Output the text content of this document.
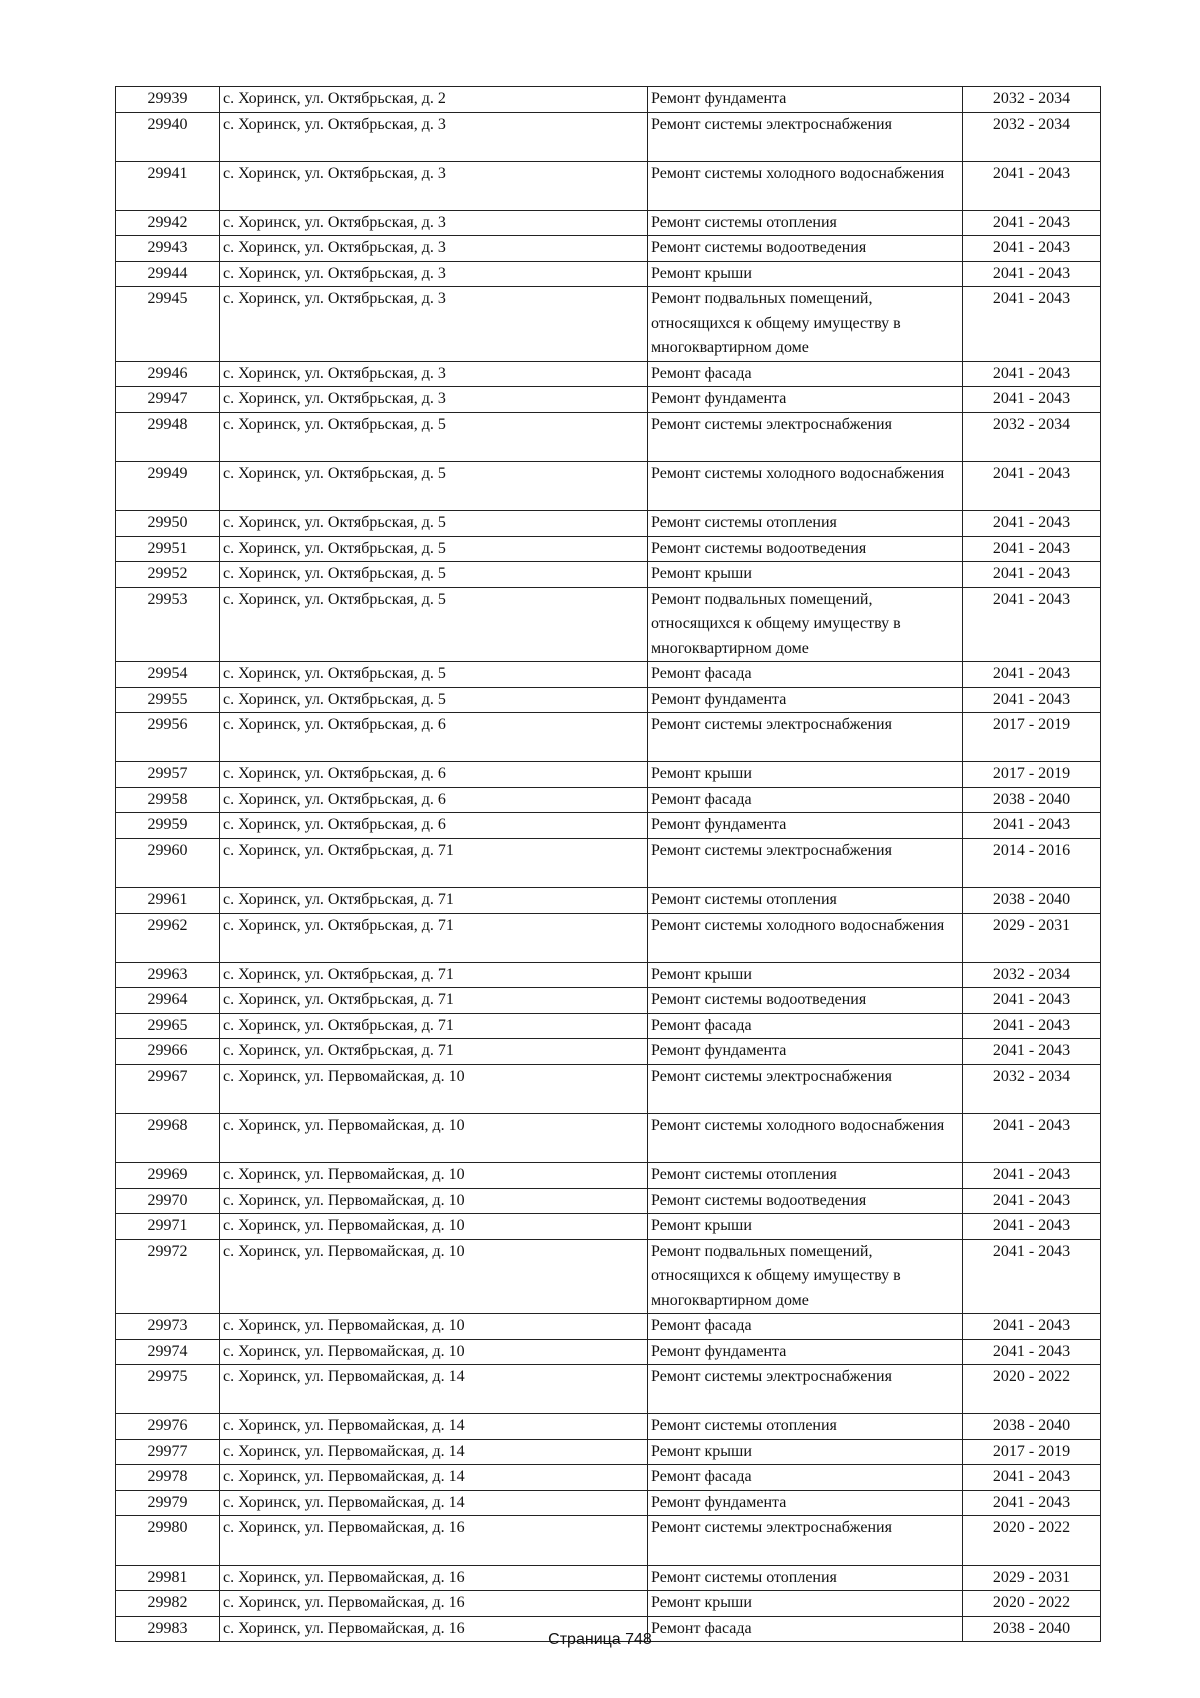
29939	с. Хоринск, ул. Октябрьская, д. 2	Ремонт фундамента	2032 - 2034
29940	с. Хоринск, ул. Октябрьская, д. 3	Ремонт системы электроснабжения	2032 - 2034
29941	с. Хоринск, ул. Октябрьская, д. 3	Ремонт системы холодного водоснабжения	2041 - 2043
29942	с. Хоринск, ул. Октябрьская, д. 3	Ремонт системы отопления	2041 - 2043
29943	с. Хоринск, ул. Октябрьская, д. 3	Ремонт системы водоотведения	2041 - 2043
29944	с. Хоринск, ул. Октябрьская, д. 3	Ремонт крыши	2041 - 2043
29945	с. Хоринск, ул. Октябрьская, д. 3	Ремонт подвальных помещений, относящихся к общему имуществу в многоквартирном доме	2041 - 2043
29946	с. Хоринск, ул. Октябрьская, д. 3	Ремонт фасада	2041 - 2043
29947	с. Хоринск, ул. Октябрьская, д. 3	Ремонт фундамента	2041 - 2043
29948	с. Хоринск, ул. Октябрьская, д. 5	Ремонт системы электроснабжения	2032 - 2034
29949	с. Хоринск, ул. Октябрьская, д. 5	Ремонт системы холодного водоснабжения	2041 - 2043
29950	с. Хоринск, ул. Октябрьская, д. 5	Ремонт системы отопления	2041 - 2043
29951	с. Хоринск, ул. Октябрьская, д. 5	Ремонт системы водоотведения	2041 - 2043
29952	с. Хоринск, ул. Октябрьская, д. 5	Ремонт крыши	2041 - 2043
29953	с. Хоринск, ул. Октябрьская, д. 5	Ремонт подвальных помещений, относящихся к общему имуществу в многоквартирном доме	2041 - 2043
29954	с. Хоринск, ул. Октябрьская, д. 5	Ремонт фасада	2041 - 2043
29955	с. Хоринск, ул. Октябрьская, д. 5	Ремонт фундамента	2041 - 2043
29956	с. Хоринск, ул. Октябрьская, д. 6	Ремонт системы электроснабжения	2017 - 2019
29957	с. Хоринск, ул. Октябрьская, д. 6	Ремонт крыши	2017 - 2019
29958	с. Хоринск, ул. Октябрьская, д. 6	Ремонт фасада	2038 - 2040
29959	с. Хоринск, ул. Октябрьская, д. 6	Ремонт фундамента	2041 - 2043
29960	с. Хоринск, ул. Октябрьская, д. 71	Ремонт системы электроснабжения	2014 - 2016
29961	с. Хоринск, ул. Октябрьская, д. 71	Ремонт системы отопления	2038 - 2040
29962	с. Хоринск, ул. Октябрьская, д. 71	Ремонт системы холодного водоснабжения	2029 - 2031
29963	с. Хоринск, ул. Октябрьская, д. 71	Ремонт крыши	2032 - 2034
29964	с. Хоринск, ул. Октябрьская, д. 71	Ремонт системы водоотведения	2041 - 2043
29965	с. Хоринск, ул. Октябрьская, д. 71	Ремонт фасада	2041 - 2043
29966	с. Хоринск, ул. Октябрьская, д. 71	Ремонт фундамента	2041 - 2043
29967	с. Хоринск, ул. Первомайская, д. 10	Ремонт системы электроснабжения	2032 - 2034
29968	с. Хоринск, ул. Первомайская, д. 10	Ремонт системы холодного водоснабжения	2041 - 2043
29969	с. Хоринск, ул. Первомайская, д. 10	Ремонт системы отопления	2041 - 2043
29970	с. Хоринск, ул. Первомайская, д. 10	Ремонт системы водоотведения	2041 - 2043
29971	с. Хоринск, ул. Первомайская, д. 10	Ремонт крыши	2041 - 2043
29972	с. Хоринск, ул. Первомайская, д. 10	Ремонт подвальных помещений, относящихся к общему имуществу в многоквартирном доме	2041 - 2043
29973	с. Хоринск, ул. Первомайская, д. 10	Ремонт фасада	2041 - 2043
29974	с. Хоринск, ул. Первомайская, д. 10	Ремонт фундамента	2041 - 2043
29975	с. Хоринск, ул. Первомайская, д. 14	Ремонт системы электроснабжения	2020 - 2022
29976	с. Хоринск, ул. Первомайская, д. 14	Ремонт системы отопления	2038 - 2040
29977	с. Хоринск, ул. Первомайская, д. 14	Ремонт крыши	2017 - 2019
29978	с. Хоринск, ул. Первомайская, д. 14	Ремонт фасада	2041 - 2043
29979	с. Хоринск, ул. Первомайская, д. 14	Ремонт фундамента	2041 - 2043
29980	с. Хоринск, ул. Первомайская, д. 16	Ремонт системы электроснабжения	2020 - 2022
29981	с. Хоринск, ул. Первомайская, д. 16	Ремонт системы отопления	2029 - 2031
29982	с. Хоринск, ул. Первомайская, д. 16	Ремонт крыши	2020 - 2022
29983	с. Хоринск, ул. Первомайская, д. 16	Ремонт фасада	2038 - 2040
Страница 748
